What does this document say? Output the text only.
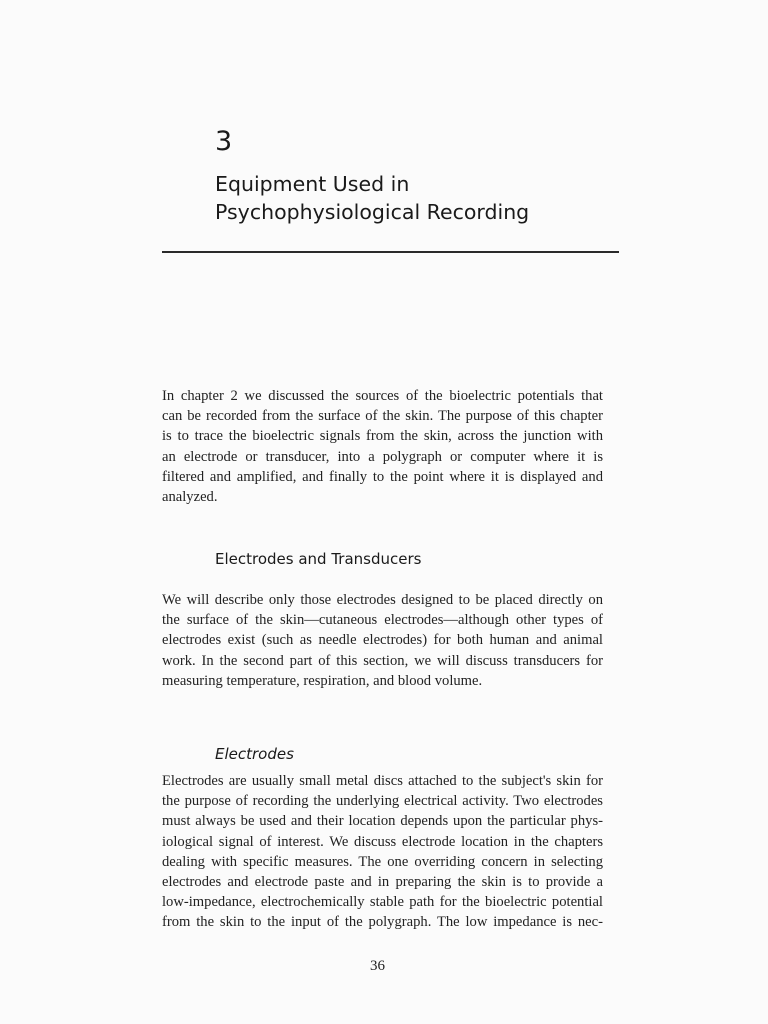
3
Equipment Used in
Psychophysiological Recording
In chapter 2 we discussed the sources of the bioelectric potentials that
can be recorded from the surface of the skin. The purpose of this chapter
is to trace the bioelectric signals from the skin, across the junction with
an electrode or transducer, into a polygraph or computer where it is
filtered and amplified, and finally to the point where it is displayed and
analyzed.
Electrodes and Transducers
We will describe only those electrodes designed to be placed directly on
the surface of the skin—cutaneous electrodes—although other types of
electrodes exist (such as needle electrodes) for both human and animal
work. In the second part of this section, we will discuss transducers for
measuring temperature, respiration, and blood volume.
Electrodes
Electrodes are usually small metal discs attached to the subject's skin for
the purpose of recording the underlying electrical activity. Two electrodes
must always be used and their location depends upon the particular phys-
iological signal of interest. We discuss electrode location in the chapters
dealing with specific measures. The one overriding concern in selecting
electrodes and electrode paste and in preparing the skin is to provide a
low-impedance, electrochemically stable path for the bioelectric potential
from the skin to the input of the polygraph. The low impedance is nec-
36
